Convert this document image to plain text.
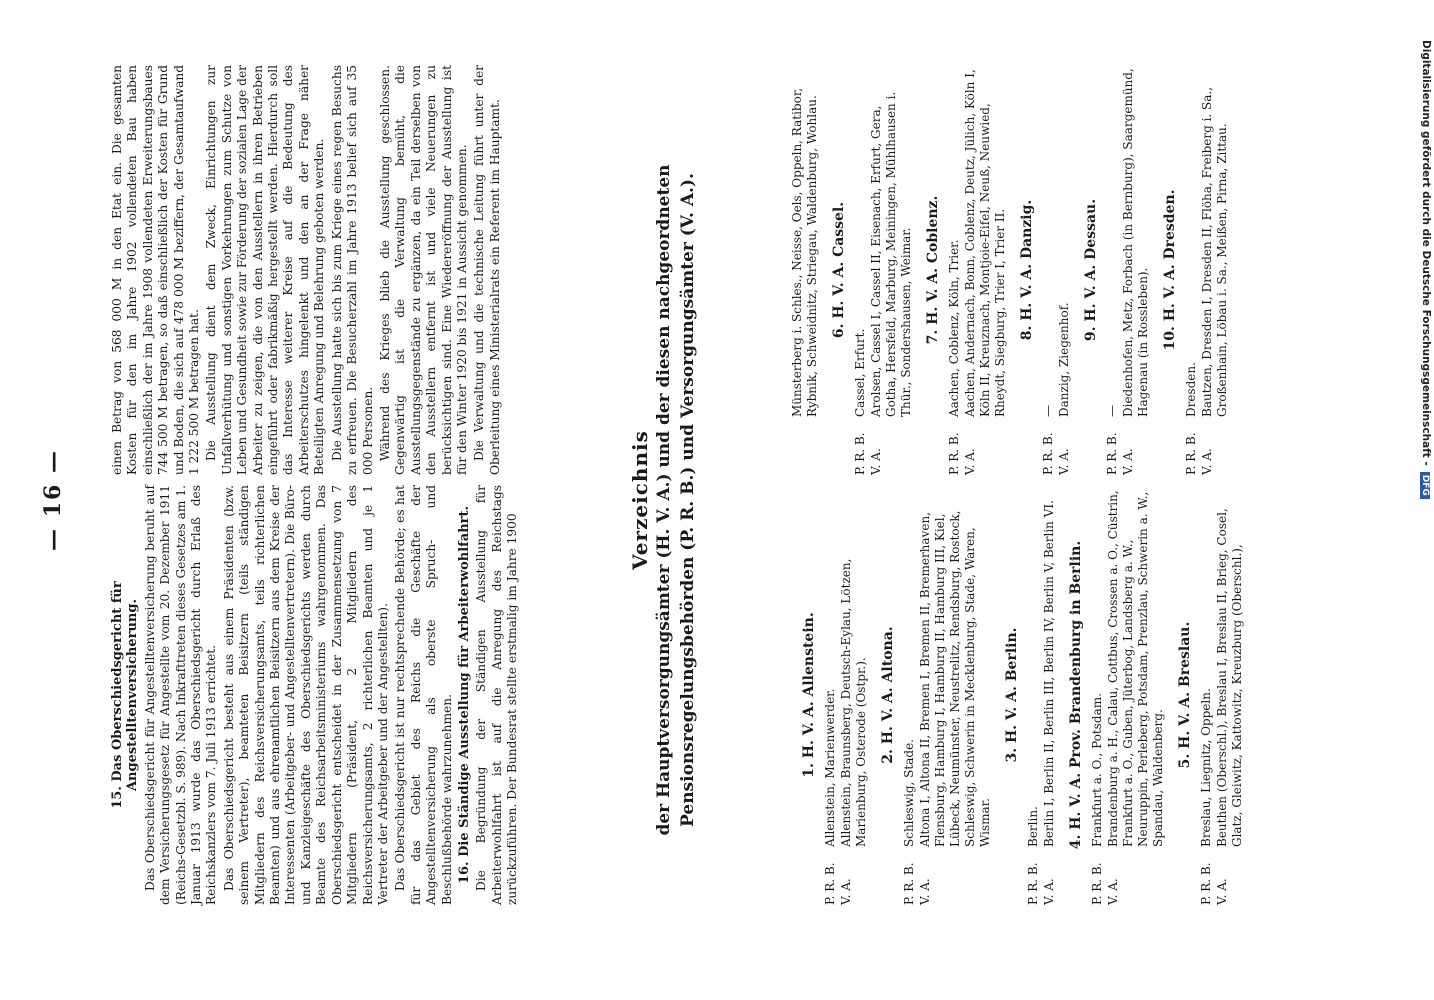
— 16 —

15. Das Oberschiedsgericht für Angestelltenversicherung. Das Oberschiedsgericht für Angestelltenversicherung beruht auf dem Versicherungsgesetz für Angestellte vom 20. Dezember 1911 (Reichs-Gesetzbl. S. 989). Nach Inkrafttreten dieses Gesetzes am 1. Januar 1913 wurde das Oberschiedsgericht durch Erlaß des Reichskanzlers vom 7. Juli 1913 errichtet. Das Oberschiedsgericht besteht aus einem Präsidenten (bzw. seinem Vertreter), beamteten Beisitzern (teils ständigen Mitgliedern des Reichsversicherungsamts, teils richterlichen Beamten) und aus ehrenamtlichen Beisitzern aus dem Kreise der Interessenten (Arbeitgeber- und Angestelltenvertretern). Die Büro- und Kanzleigeschäfte des Oberschiedsgerichts werden durch Beamte des Reichsarbeitsministeriums wahrgenommen. Das Oberschiedsgericht entscheidet in der Zusammensetzung von 7 Mitgliedern (Präsident, 2 Mitgliedern des Reichsversicherungsamts, 2 richterlichen Beamten und je 1 Vertreter der Arbeitgeber und der Angestellten). Das Oberschiedsgericht ist nur rechtsprechende Behörde; es hat für das Gebiet des Reichs die Geschäfte der Angestelltenversicherung als oberste Spruch- und Beschlußbehörde wahrzunehmen. 16. Die Ständige Ausstellung für Arbeiterwohlfahrt. Die Begründung der Ständigen Ausstellung für Arbeiterwohlfahrt ist auf die Anregung des Reichstags zurückzuführen. Der Bundesrat stellte erstmalig im Jahre 1900

einen Betrag von 568 000 M in den Etat ein. Die gesamten Kosten für den im Jahre 1902 vollendeten Bau haben einschließlich der im Jahre 1908 vollendeten Erweiterungsbaues 744 500 M betragen, so daß einschließlich der Kosten für Grund und Boden, die sich auf 478 000 M beziffern, der Gesamtaufwand 1 222 500 M betragen hat. Die Ausstellung dient dem Zweck, Einrichtungen zur Unfallverhütung und sonstigen Vorkehrungen zum Schutze von Leben und Gesundheit sowie zur Förderung der sozialen Lage der Arbeiter zu zeigen, die von den Ausstellern in ihren Betrieben eingeführt oder fabrikmäßig hergestellt werden. Hierdurch soll das Interesse weiterer Kreise auf die Bedeutung des Arbeiterschutzes hingelenkt und den an der Frage näher Beteiligten Anregung und Belehrung geboten werden. Die Ausstellung hatte sich bis zum Kriege eines regen Besuchs zu erfreuen. Die Besucherzahl im Jahre 1913 belief sich auf 35 000 Personen. Während des Krieges blieb die Ausstellung geschlossen. Gegenwärtig ist die Verwaltung bemüht, die Ausstellungsgegenstände zu ergänzen, da ein Teil derselben von den Ausstellern entfernt ist und viele Neuerungen zu berücksichtigen sind. Eine Wiedereröffnung der Ausstellung ist für den Winter 1920 bis 1921 in Aussicht genommen. Die Verwaltung und die technische Leitung führt unter der Oberleitung eines Ministerialrats ein Referent im Hauptamt.

Verzeichnis der Hauptversorgungsämter (H. V. A.) und der diesen nachgeordneten Pensionsregelungsbehörden (P. R. B.) und Versorgungsämter (V. A.).	1. H. V. A. Allenstein.
P. R. B.
Allenstein, Marienwerder.
V. A.
Allenstein, Braunsberg, Deutsch-Eylau, Lötzen, Marienburg, Osterode (Ostpr.). 2. H. V. A. Altona.
P. R. B.
Schleswig, Stade.
V. A.
Altona I, Altona II, Bremen I, Bremen II, Bremerhaven, Flensburg, Hamburg I, Hamburg II, Hamburg III, Kiel, Lübeck, Neumünster, Neustrelitz, Rendsburg, Rostock, Schleswig, Schwerin in Mecklenburg, Stade, Waren, Wismar.
3. H. V. A. Berlin.
P. R. B.
Berlin.
V. A.
Berlin I, Berlin II, Berlin III, Berlin IV, Berlin V, Berlin VI. 4. H. V. A. Prov. Brandenburg in Berlin.
P. R. B.
Frankfurt a. O., Potsdam.
V. A.
Brandenburg a. H., Calau, Cottbus, Crossen a. O., Cüstrin, Frankfurt a. O., Guben, Jüterbog, Landsberg a. W., Neuruppin, Perleberg, Potsdam, Prenzlau, Schwerin a. W., Spandau, Waldenberg.
5. H. V. A. Breslau.
P. R. B.
Breslau, Liegnitz, Oppeln.
V. A.
Beuthen (Oberschl.), Breslau I, Breslau II, Brieg, Cosel, Glatz, Gleiwitz, Kattowitz, Kreuzburg (Oberschl.),
Münsterberg i. Schles., Neisse, Oels, Oppeln, Ratibor, Rybnik, Schweidnitz, Striegau, Waldenburg, Wohlau. 6. H. V. A. Cassel.
P. R. B.
Cassel, Erfurt.
V. A.
Arolsen, Cassel I, Cassel II, Eisenach, Erfurt, Gera, Gotha, Hersfeld, Marburg, Meiningen, Mühlhausen i. Thür., Sondershausen, Weimar. 7. H. V. A. Coblenz.
P. R. B.
Aachen, Coblenz, Köln, Trier.
V. A.
Aachen, Andernach, Bonn, Coblenz, Deutz, Jülich, Köln I, Köln II, Kreuznach, Montjoie-Eifel, Neuß, Neuwied, Rheydt, Siegburg, Trier I, Trier II. 8. H. V. A. Danzig.
P. R. B.
—
V. A.
Danzig, Ziegenhof.
9. H. V. A. Dessau.
P. R. B.
—
V. A.
Diedenhofen, Metz, Forbach (in Bernburg), Saargemünd, Hagenau (in Rossleben). 10. H. V. A. Dresden.
P. R. B.
Dresden.
V. A.
Bautzen, Dresden I, Dresden II, Flöha, Freiberg i. Sa., Großenhain, Löbau i. Sa., Meißen, Pirna, Zittau.	Digitalisierung gefördert durch die Deutsche Forschungsgemeinschaft -DFG
